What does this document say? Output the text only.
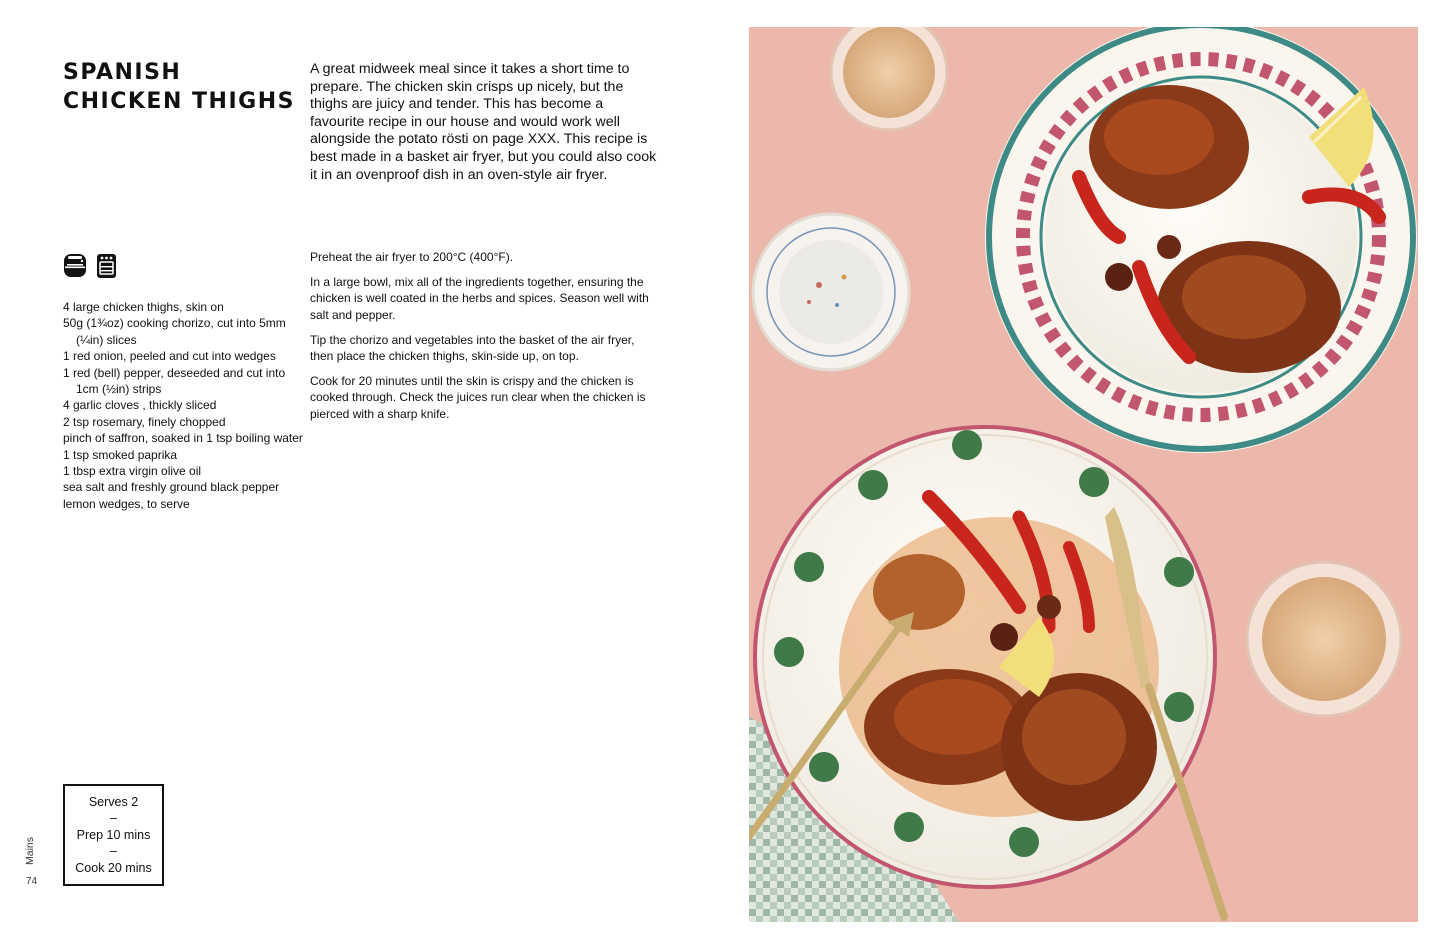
SPANISH
CHICKEN THIGHS

A great midweek meal since it takes a short time to prepare. The chicken skin crisps up nicely, but the thighs are juicy and tender. This has become a favourite recipe in our house and would work well alongside the potato rösti on page XXX. This recipe is best made in a basket air fryer, but you could also cook it in an ovenproof dish in an oven-style air fryer.

4 large chicken thighs, skin on
50g (1¾oz) cooking chorizo, cut into 5mm (¼in) slices
1 red onion, peeled and cut into wedges
1 red (bell) pepper, deseeded and cut into 1cm (½in) strips
4 garlic cloves , thickly sliced
2 tsp rosemary, finely chopped
pinch of saffron, soaked in 1 tsp boiling water
1 tsp smoked paprika
1 tbsp extra virgin olive oil
sea salt and freshly ground black pepper
lemon wedges, to serve

Preheat the air fryer to 200°C (400°F).

In a large bowl, mix all of the ingredients together, ensuring the chicken is well coated in the herbs and spices. Season well with salt and pepper.

Tip the chorizo and vegetables into the basket of the air fryer, then place the chicken thighs, skin-side up, on top.

Cook for 20 minutes until the skin is crispy and the chicken is cooked through. Check the juices run clear when the chicken is pierced with a sharp knife.

Serves 2
–
Prep 10 mins
–
Cook 20 mins
Mains
74
